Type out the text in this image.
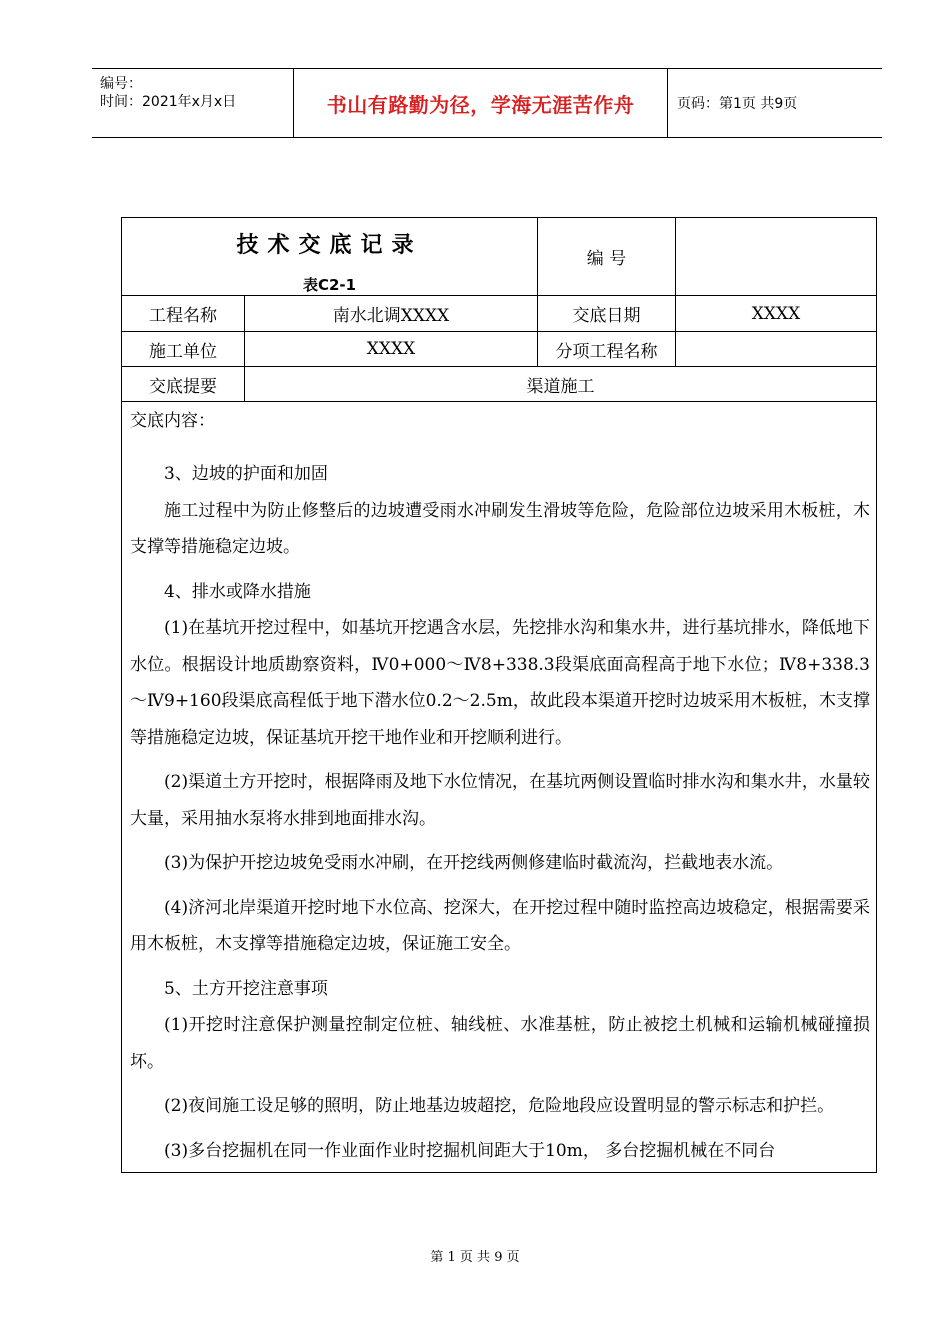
编号：
时间：2021年x月x日	书山有路勤为径，学海无涯苦作舟	页码：第1页 共9页
技术交底记录
表C2-1
编 号
工程名称	南水北调XXXX	交底日期	XXXX
施工单位	XXXX	分项工程名称
交底提要	渠道施工
交底内容：

3、边坡的护面和加固

施工过程中为防止修整后的边坡遭受雨水冲刷发生滑坡等危险，危险部位边坡采用木板桩，木支撑等措施稳定边坡。

4、排水或降水措施

(1)在基坑开挖过程中，如基坑开挖遇含水层，先挖排水沟和集水井，进行基坑排水，降低地下水位。根据设计地质勘察资料，Ⅳ0+000～Ⅳ8+338.3段渠底面高程高于地下水位；Ⅳ8+338.3～Ⅳ9+160段渠底高程低于地下潜水位0.2～2.5m，故此段本渠道开挖时边坡采用木板桩，木支撑等措施稳定边坡，保证基坑开挖干地作业和开挖顺利进行。

(2)渠道土方开挖时，根据降雨及地下水位情况，在基坑两侧设置临时排水沟和集水井，水量较大量，采用抽水泵将水排到地面排水沟。

(3)为保护开挖边坡免受雨水冲刷，在开挖线两侧修建临时截流沟，拦截地表水流。

(4)济河北岸渠道开挖时地下水位高、挖深大，在开挖过程中随时监控高边坡稳定，根据需要采用木板桩，木支撑等措施稳定边坡，保证施工安全。

5、土方开挖注意事项

(1)开挖时注意保护测量控制定位桩、轴线桩、水准基桩，防止被挖土机械和运输机械碰撞损坏。

(2)夜间施工设足够的照明，防止地基边坡超挖，危险地段应设置明显的警示标志和护拦。

(3)多台挖掘机在同一作业面作业时挖掘机间距大于10m， 多台挖掘机械在不同台

第 1 页 共 9 页
